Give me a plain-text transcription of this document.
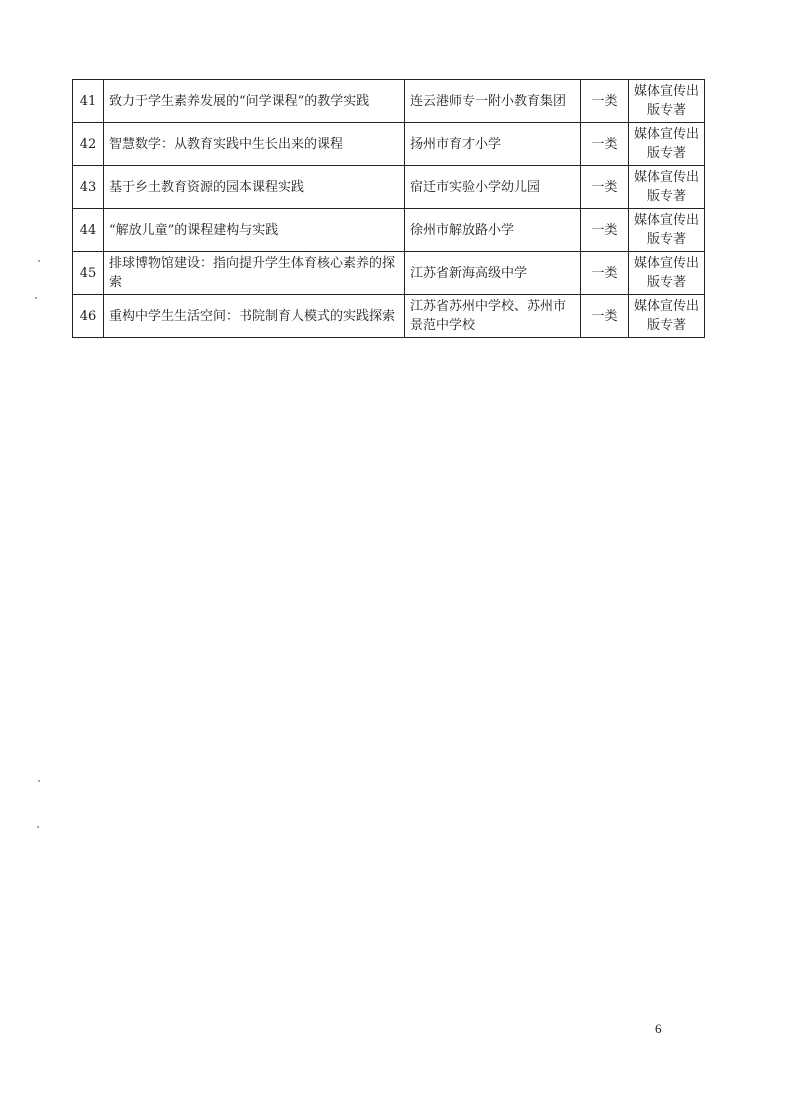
41	致力于学生素养发展的“问学课程”的教学实践	连云港师专一附小教育集团	一类	媒体宣传出版专著
42	智慧数学：从教育实践中生长出来的课程	扬州市育才小学	一类	媒体宣传出版专著
43	基于乡土教育资源的园本课程实践	宿迁市实验小学幼儿园	一类	媒体宣传出版专著
44	“解放儿童”的课程建构与实践	徐州市解放路小学	一类	媒体宣传出版专著
45	排球博物馆建设：指向提升学生体育核心素养的探索	江苏省新海高级中学	一类	媒体宣传出版专著
46	重构中学生生活空间：书院制育人模式的实践探索	江苏省苏州中学校、苏州市景范中学校	一类	媒体宣传出版专著
6
